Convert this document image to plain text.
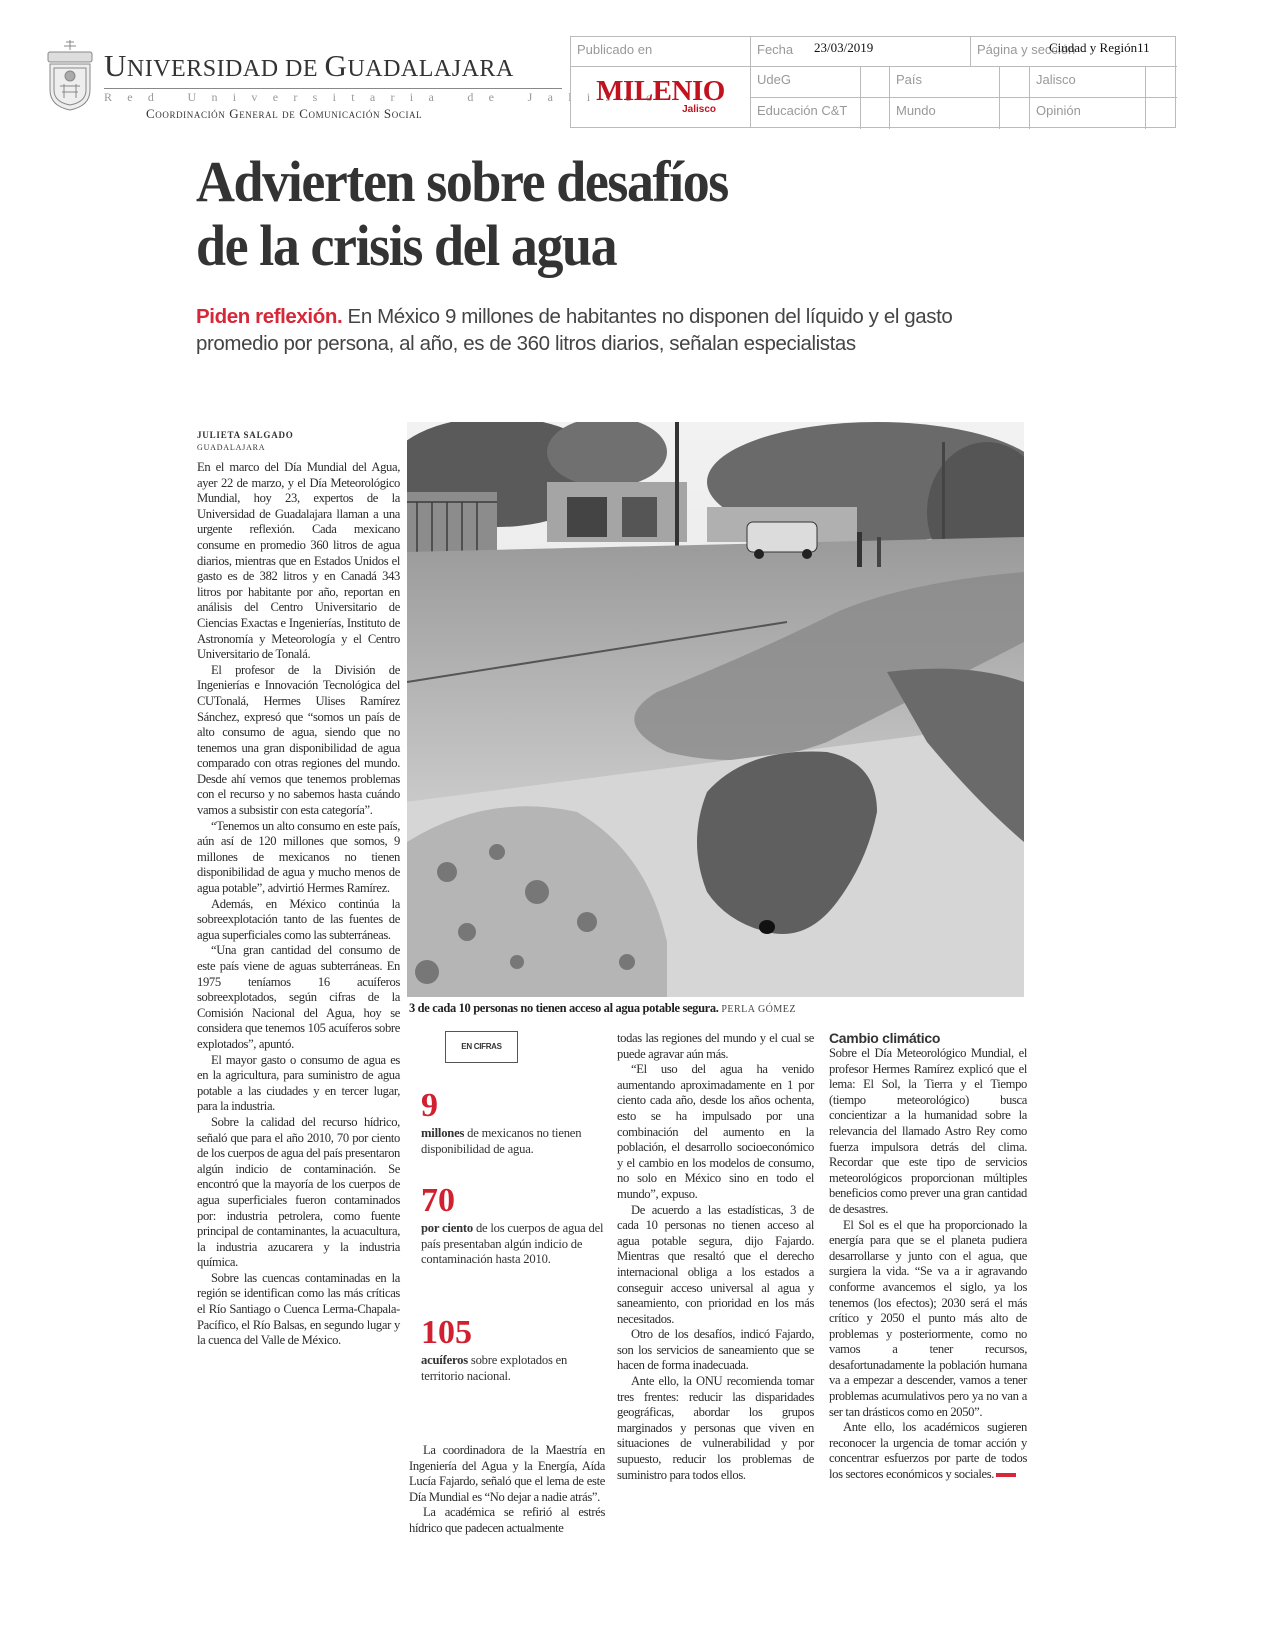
UNIVERSIDAD DE GUADALAJARA
Red Universitaria de Jalisco
Coordinación General de Comunicación Social
Publicado en	Fecha 23/03/2019	Página y sección
Ciudad y Región11
MILENIO
Jalisco
UdeG	País	Jalisco
Educación C&T	Mundo	Opinión
Advierten sobre desafíos
de la crisis del agua
Piden reflexión. En México 9 millones de habitantes no disponen del líquido y el gasto promedio por persona, al año, es de 360 litros diarios, señalan especialistas
JULIETA SALGADO
GUADALAJARA

En el marco del Día Mundial del Agua, ayer 22 de marzo, y el Día Meteorológico Mundial, hoy 23, expertos de la Universidad de Guadalajara llaman a una urgente reflexión. Cada mexicano consume en promedio 360 litros de agua diarios, mientras que en Estados Unidos el gasto es de 382 litros y en Canadá 343 litros por habitante por año, reportan en análisis del Centro Universitario de Ciencias Exactas e Ingenierías, Instituto de Astronomía y Meteorología y el Centro Universitario de Tonalá.

El profesor de la División de Ingenierías e Innovación Tecnológica del CUTonalá, Hermes Ulises Ramírez Sánchez, expresó que “somos un país de alto consumo de agua, siendo que no tenemos una gran disponibilidad de agua comparado con otras regiones del mundo. Desde ahí vemos que tenemos problemas con el recurso y no sabemos hasta cuándo vamos a subsistir con esta categoría”.

“Tenemos un alto consumo en este país, aún así de 120 millones que somos, 9 millones de mexicanos no tienen disponibilidad de agua y mucho menos de agua potable”, advirtió Hermes Ramírez.

Además, en México continúa la sobreexplotación tanto de las fuentes de agua superficiales como las subterráneas.

“Una gran cantidad del consumo de este país viene de aguas subterráneas. En 1975 teníamos 16 acuíferos sobreexplotados, según cifras de la Comisión Nacional del Agua, hoy se considera que tenemos 105 acuíferos sobre explotados”, apuntó.

El mayor gasto o consumo de agua es en la agricultura, para suministro de agua potable a las ciudades y en tercer lugar, para la industria.

Sobre la calidad del recurso hídrico, señaló que para el año 2010, 70 por ciento de los cuerpos de agua del país presentaron algún indicio de contaminación. Se encontró que la mayoría de los cuerpos de agua superficiales fueron contaminados por: industria petrolera, como fuente principal de contaminantes, la acuacultura, la industria azucarera y la industria química.

Sobre las cuencas contaminadas en la región se identifican como las más críticas el Río Santiago o Cuenca Lerma-Chapala-Pacífico, el Río Balsas, en segundo lugar y la cuenca del Valle de México.

3 de cada 10 personas no tienen acceso al agua potable segura. PERLA GÓMEZ
EN CIFRAS
9
millones de mexicanos no tienen disponibilidad de agua.
70
por ciento de los cuerpos de agua del país presentaban algún indicio de contaminación hasta 2010.
105
acuíferos sobre explotados en territorio nacional.

La coordinadora de la Maestría en Ingeniería del Agua y la Energía, Aída Lucía Fajardo, señaló que el lema de este Día Mundial es “No dejar a nadie atrás”.

La académica se refirió al estrés hídrico que padecen actualmente

todas las regiones del mundo y el cual se puede agravar aún más.

“El uso del agua ha venido aumentando aproximadamente en 1 por ciento cada año, desde los años ochenta, esto se ha impulsado por una combinación del aumento en la población, el desarrollo socioeconómico y el cambio en los modelos de consumo, no solo en México sino en todo el mundo”, expuso.

De acuerdo a las estadísticas, 3 de cada 10 personas no tienen acceso al agua potable segura, dijo Fajardo. Mientras que resaltó que el derecho internacional obliga a los estados a conseguir acceso universal al agua y saneamiento, con prioridad en los más necesitados.

Otro de los desafíos, indicó Fajardo, son los servicios de saneamiento que se hacen de forma inadecuada.

Ante ello, la ONU recomienda tomar tres frentes: reducir las disparidades geográficas, abordar los grupos marginados y personas que viven en situaciones de vulnerabilidad y por supuesto, reducir los problemas de suministro para todos ellos.

Cambio climático

Sobre el Día Meteorológico Mundial, el profesor Hermes Ramírez explicó que el lema: El Sol, la Tierra y el Tiempo (tiempo meteorológico) busca concientizar a la humanidad sobre la relevancia del llamado Astro Rey como fuerza impulsora detrás del clima. Recordar que este tipo de servicios meteorológicos proporcionan múltiples beneficios como prever una gran cantidad de desastres.

El Sol es el que ha proporcionado la energía para que se el planeta pudiera desarrollarse y junto con el agua, que surgiera la vida. “Se va a ir agravando conforme avancemos el siglo, ya los tenemos (los efectos); 2030 será el más crítico y 2050 el punto más alto de problemas y posteriormente, como no vamos a tener recursos, desafortunadamente la población humana va a empezar a descender, vamos a tener problemas acumulativos pero ya no van a ser tan drásticos como en 2050”.

Ante ello, los académicos sugieren reconocer la urgencia de tomar acción y concentrar esfuerzos por parte de todos los sectores económicos y sociales.
